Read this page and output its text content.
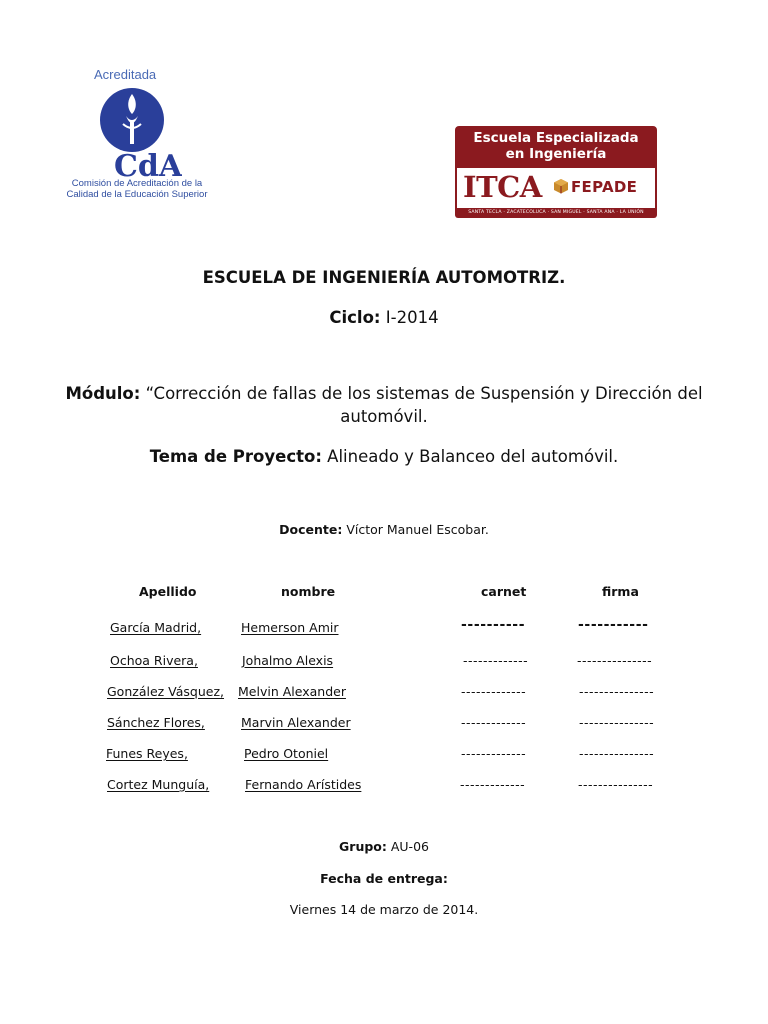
Acreditada
CdA
Comisión de Acreditación de la
Calidad de la Educación Superior
Escuela Especializada
en Ingeniería
ITCA FEPADE
SANTA TECLA · ZACATECOLUCA · SAN MIGUEL · SANTA ANA · LA UNIÓN
ESCUELA DE INGENIERÍA AUTOMOTRIZ.
Ciclo: I-2014
Módulo: “Corrección de fallas de los sistemas de Suspensión y Dirección del automóvil.
Tema de Proyecto: Alineado y Balanceo del automóvil.
Docente: Víctor Manuel Escobar.
Apellido	nombre	carnet	firma
García Madrid,	Hemerson Amir	----------	-----------
Ochoa Rivera,	Johalmo Alexis	-------------	---------------
González Vásquez, Melvin Alexander	-------------	---------------
Sánchez Flores,	Marvin Alexander	-------------	---------------
Funes Reyes,	Pedro Otoniel	-------------	---------------
Cortez Munguía,	Fernando Arístides	-------------	---------------
Grupo: AU-06
Fecha de entrega:
Viernes 14 de marzo de 2014.
